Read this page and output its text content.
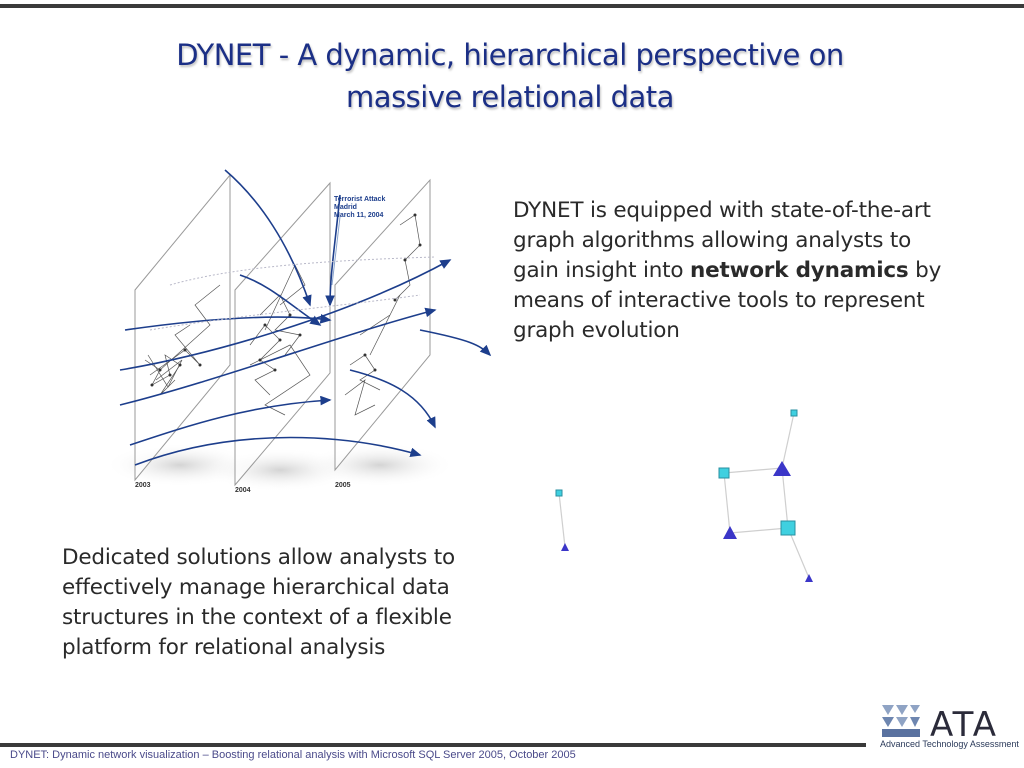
DYNET - A dynamic, hierarchical perspective on
massive relational data
Terrorist Attack
Madrid
March 11, 2004
2003
2004
2005
DYNET is equipped with state-of-the-art graph algorithms allowing analysts to gain insight into network dynamics by means of interactive tools to represent graph evolution
Dedicated solutions allow analysts to effectively manage hierarchical data structures in the context of a flexible platform for relational analysis
ATA
Advanced Technology Assessment
DYNET: Dynamic network visualization – Boosting relational analysis with Microsoft SQL Server 2005, October 2005
